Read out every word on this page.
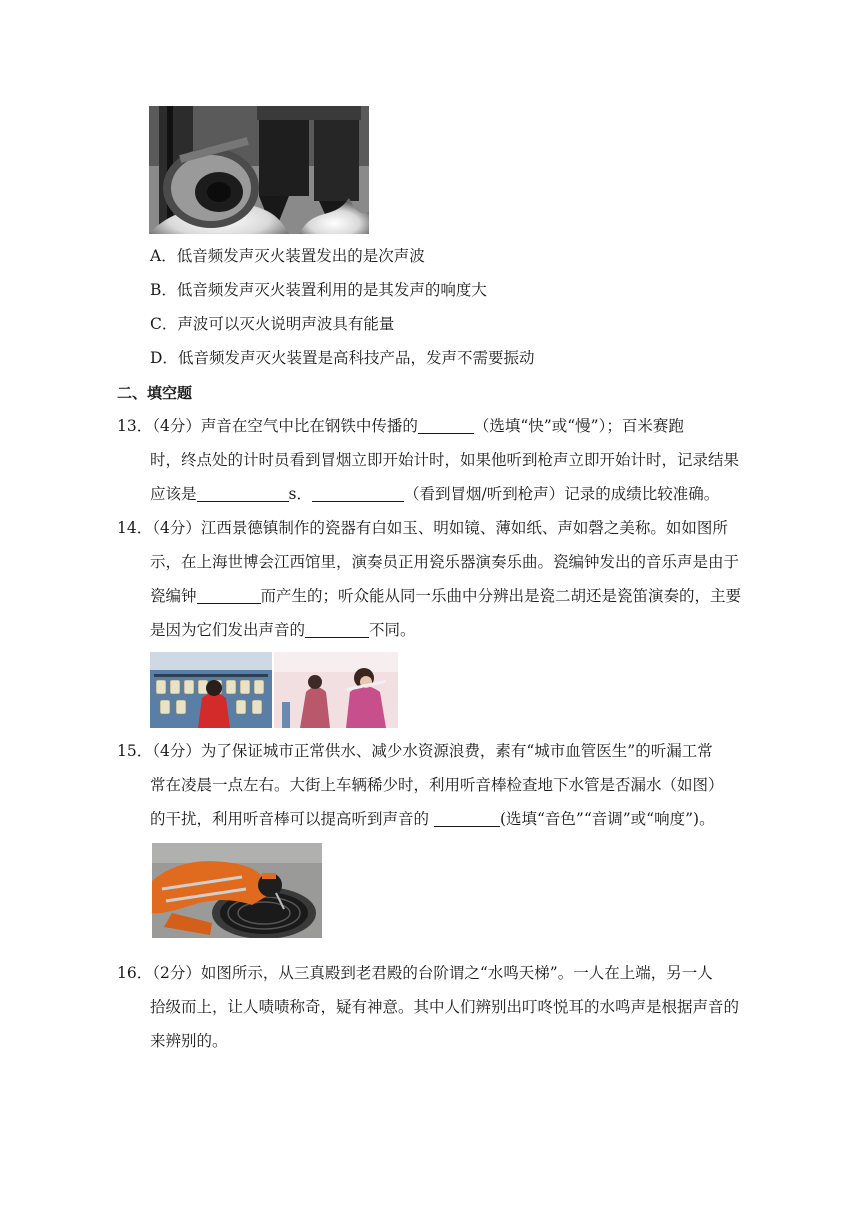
A．低音频发声灭火装置发出的是次声波
B．低音频发声灭火装置利用的是其发声的响度大
C．声波可以灭火说明声波具有能量
D．低音频发声灭火装置是高科技产品，发声不需要振动
二、填空题
13．（4分）声音在空气中比在钢铁中传播的	（选填“快”或“慢”）；百米赛跑
时，终点处的计时员看到冒烟立即开始计时，如果他听到枪声立即开始计时，记录结果
应该是	s．	（看到冒烟/听到枪声）记录的成绩比较准确。
14．（4分）江西景德镇制作的瓷器有白如玉、明如镜、薄如纸、声如磬之美称。如如图所
示，在上海世博会江西馆里，演奏员正用瓷乐器演奏乐曲。瓷编钟发出的音乐声是由于
瓷编钟	而产生的；听众能从同一乐曲中分辨出是瓷二胡还是瓷笛演奏的，主要
是因为它们发出声音的	不同。
15．（4分）为了保证城市正常供水、减少水资源浪费，素有“城市血管医生”的听漏工常
常在凌晨一点左右。大街上车辆稀少时，利用听音棒检查地下水管是否漏水（如图）
的干扰，利用听音棒可以提高听到声音的	(选填“音色”“音调”或“响度”)。
16．（2分）如图所示，从三真殿到老君殿的台阶谓之“水鸣天梯”。一人在上端，另一人
拾级而上，让人啧啧称奇，疑有神意。其中人们辨别出叮咚悦耳的水鸣声是根据声音的
来辨别的。
